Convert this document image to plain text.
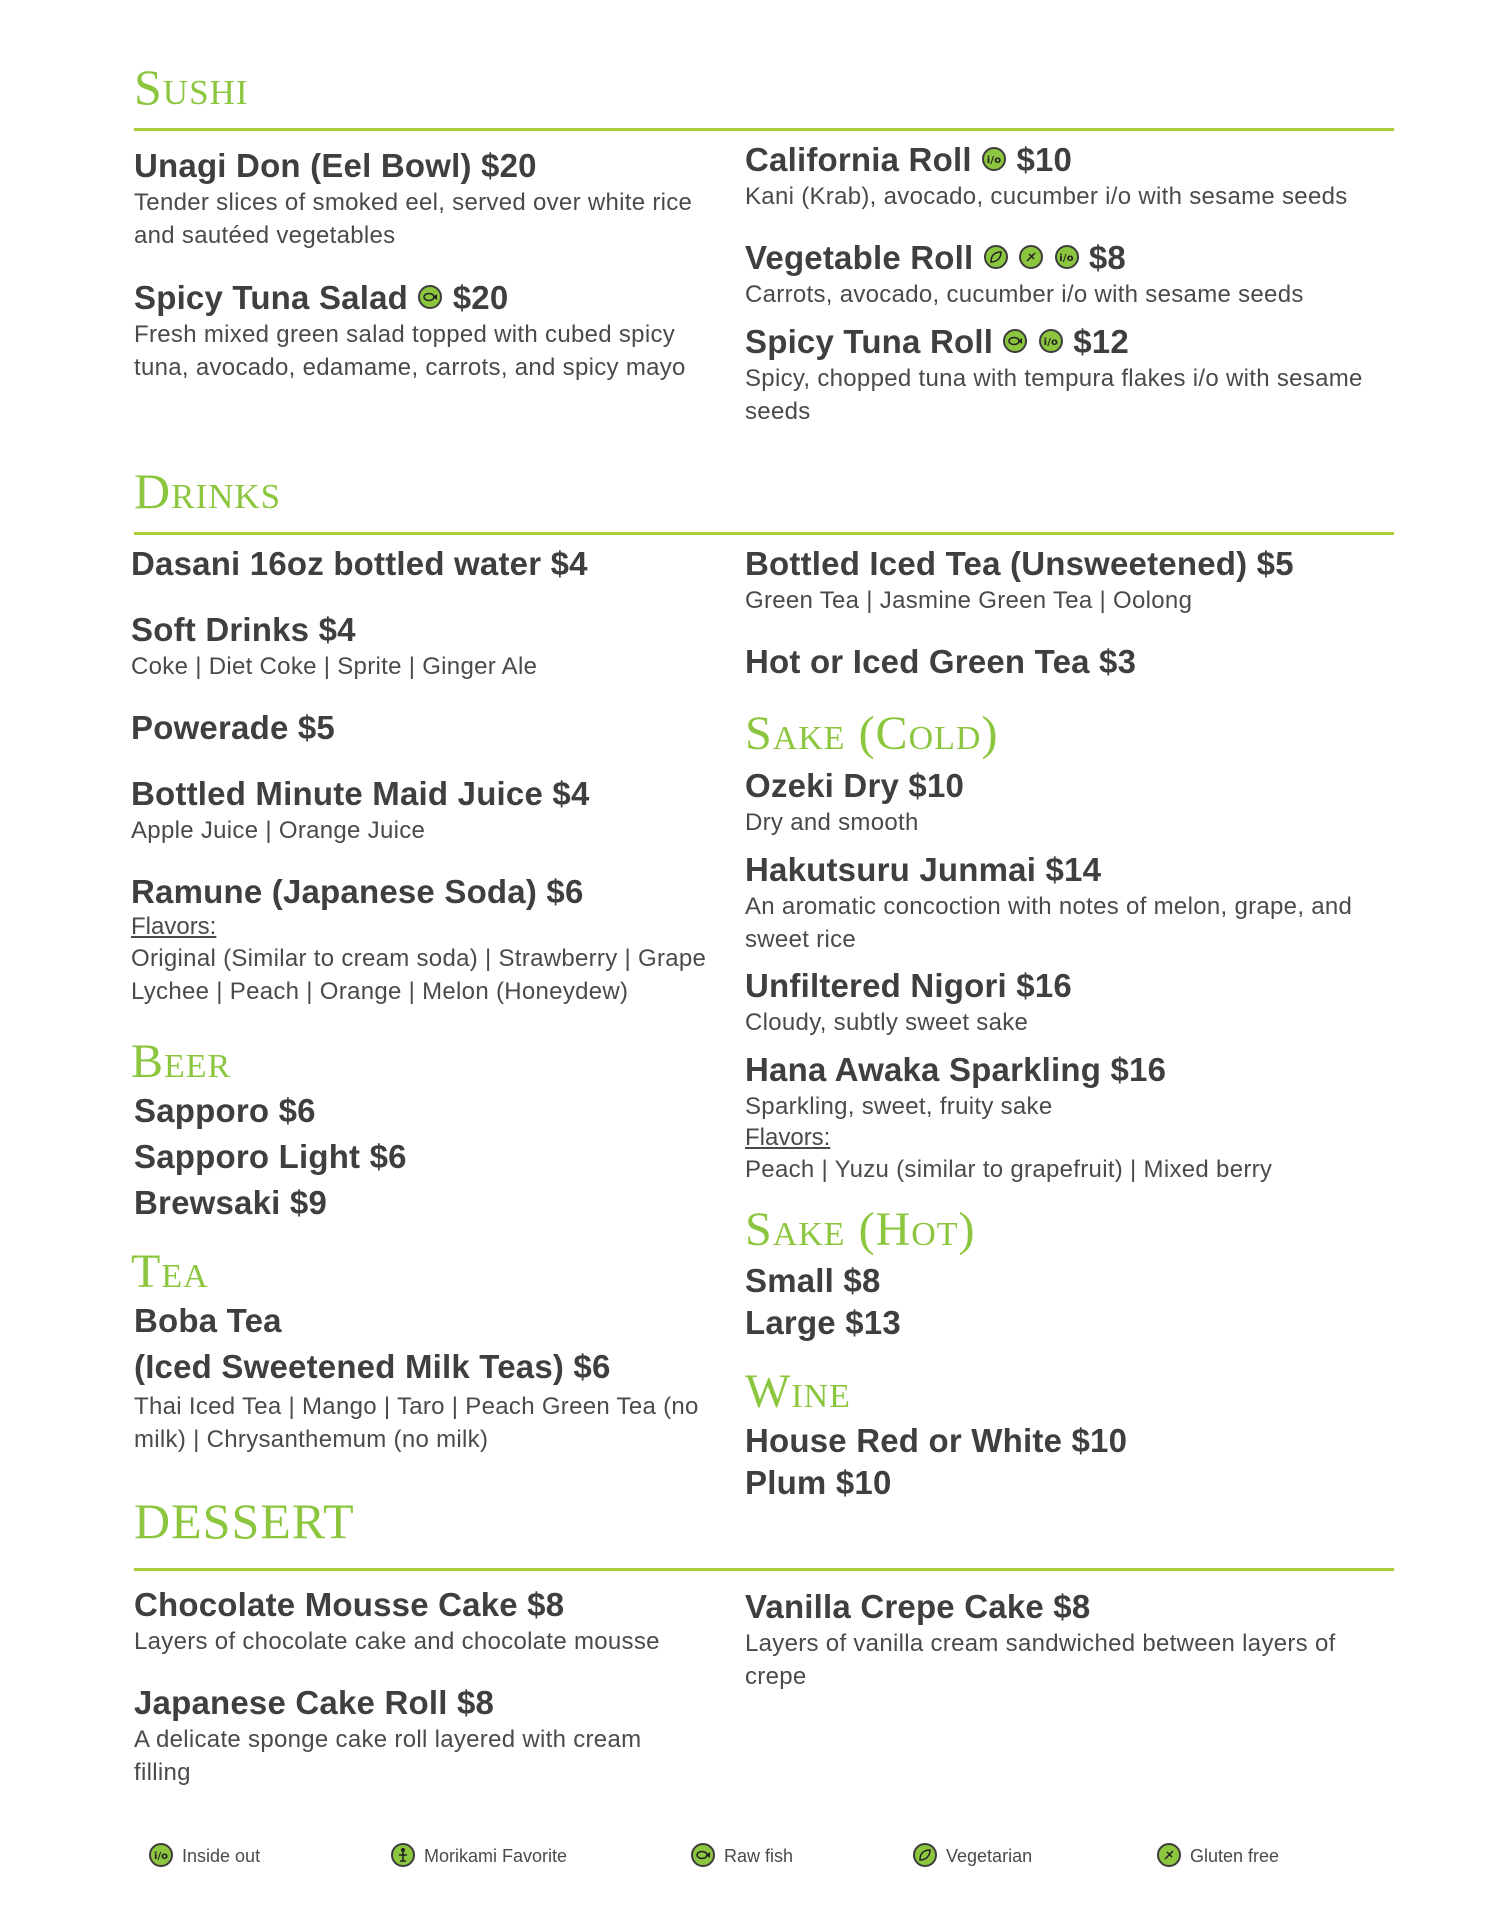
Sushi
Unagi Don (Eel Bowl) $20
Tender slices of smoked eel, served over white rice and sautéed vegetables
Spicy Tuna Salad $20
Fresh mixed green salad topped with cubed spicy tuna, avocado, edamame, carrots, and spicy mayo
California Roll i/o $10
Kani (Krab), avocado, cucumber i/o with sesame seeds
Vegetable Roll	i/o $8
Carrots, avocado, cucumber i/o with sesame seeds
Spicy Tuna Roll	i/o $12
Spicy, chopped tuna with tempura flakes i/o with sesame seeds
Drinks
Dasani 16oz bottled water $4
Soft Drinks $4
Coke | Diet Coke | Sprite | Ginger Ale
Powerade $5
Bottled Minute Maid Juice $4
Apple Juice | Orange Juice
Ramune (Japanese Soda) $6
Flavors:
Original (Similar to cream soda) | Strawberry | Grape Lychee | Peach | Orange | Melon (Honeydew)
Beer
Sapporo $6
Sapporo Light $6
Brewsaki $9
Tea
Boba Tea
(Iced Sweetened Milk Teas) $6
Thai Iced Tea | Mango | Taro | Peach Green Tea (no milk) | Chrysanthemum (no milk)
Bottled Iced Tea (Unsweetened) $5
Green Tea | Jasmine Green Tea | Oolong
Hot or Iced Green Tea $3
Sake (Cold)
Ozeki Dry $10
Dry and smooth
Hakutsuru Junmai $14
An aromatic concoction with notes of melon, grape, and sweet rice
Unfiltered Nigori $16
Cloudy, subtly sweet sake
Hana Awaka Sparkling $16
Sparkling, sweet, fruity sake
Flavors:
Peach | Yuzu (similar to grapefruit) | Mixed berry
Sake (Hot)
Small $8
Large $13
Wine
House Red or White $10
Plum $10
DESSERT
Chocolate Mousse Cake $8
Layers of chocolate cake and chocolate mousse
Japanese Cake Roll $8
A delicate sponge cake roll layered with cream filling
Vanilla Crepe Cake $8
Layers of vanilla cream sandwiched between layers of crepe
i/o Inside out	Morikami Favorite	Raw fish	Vegetarian	Gluten free
